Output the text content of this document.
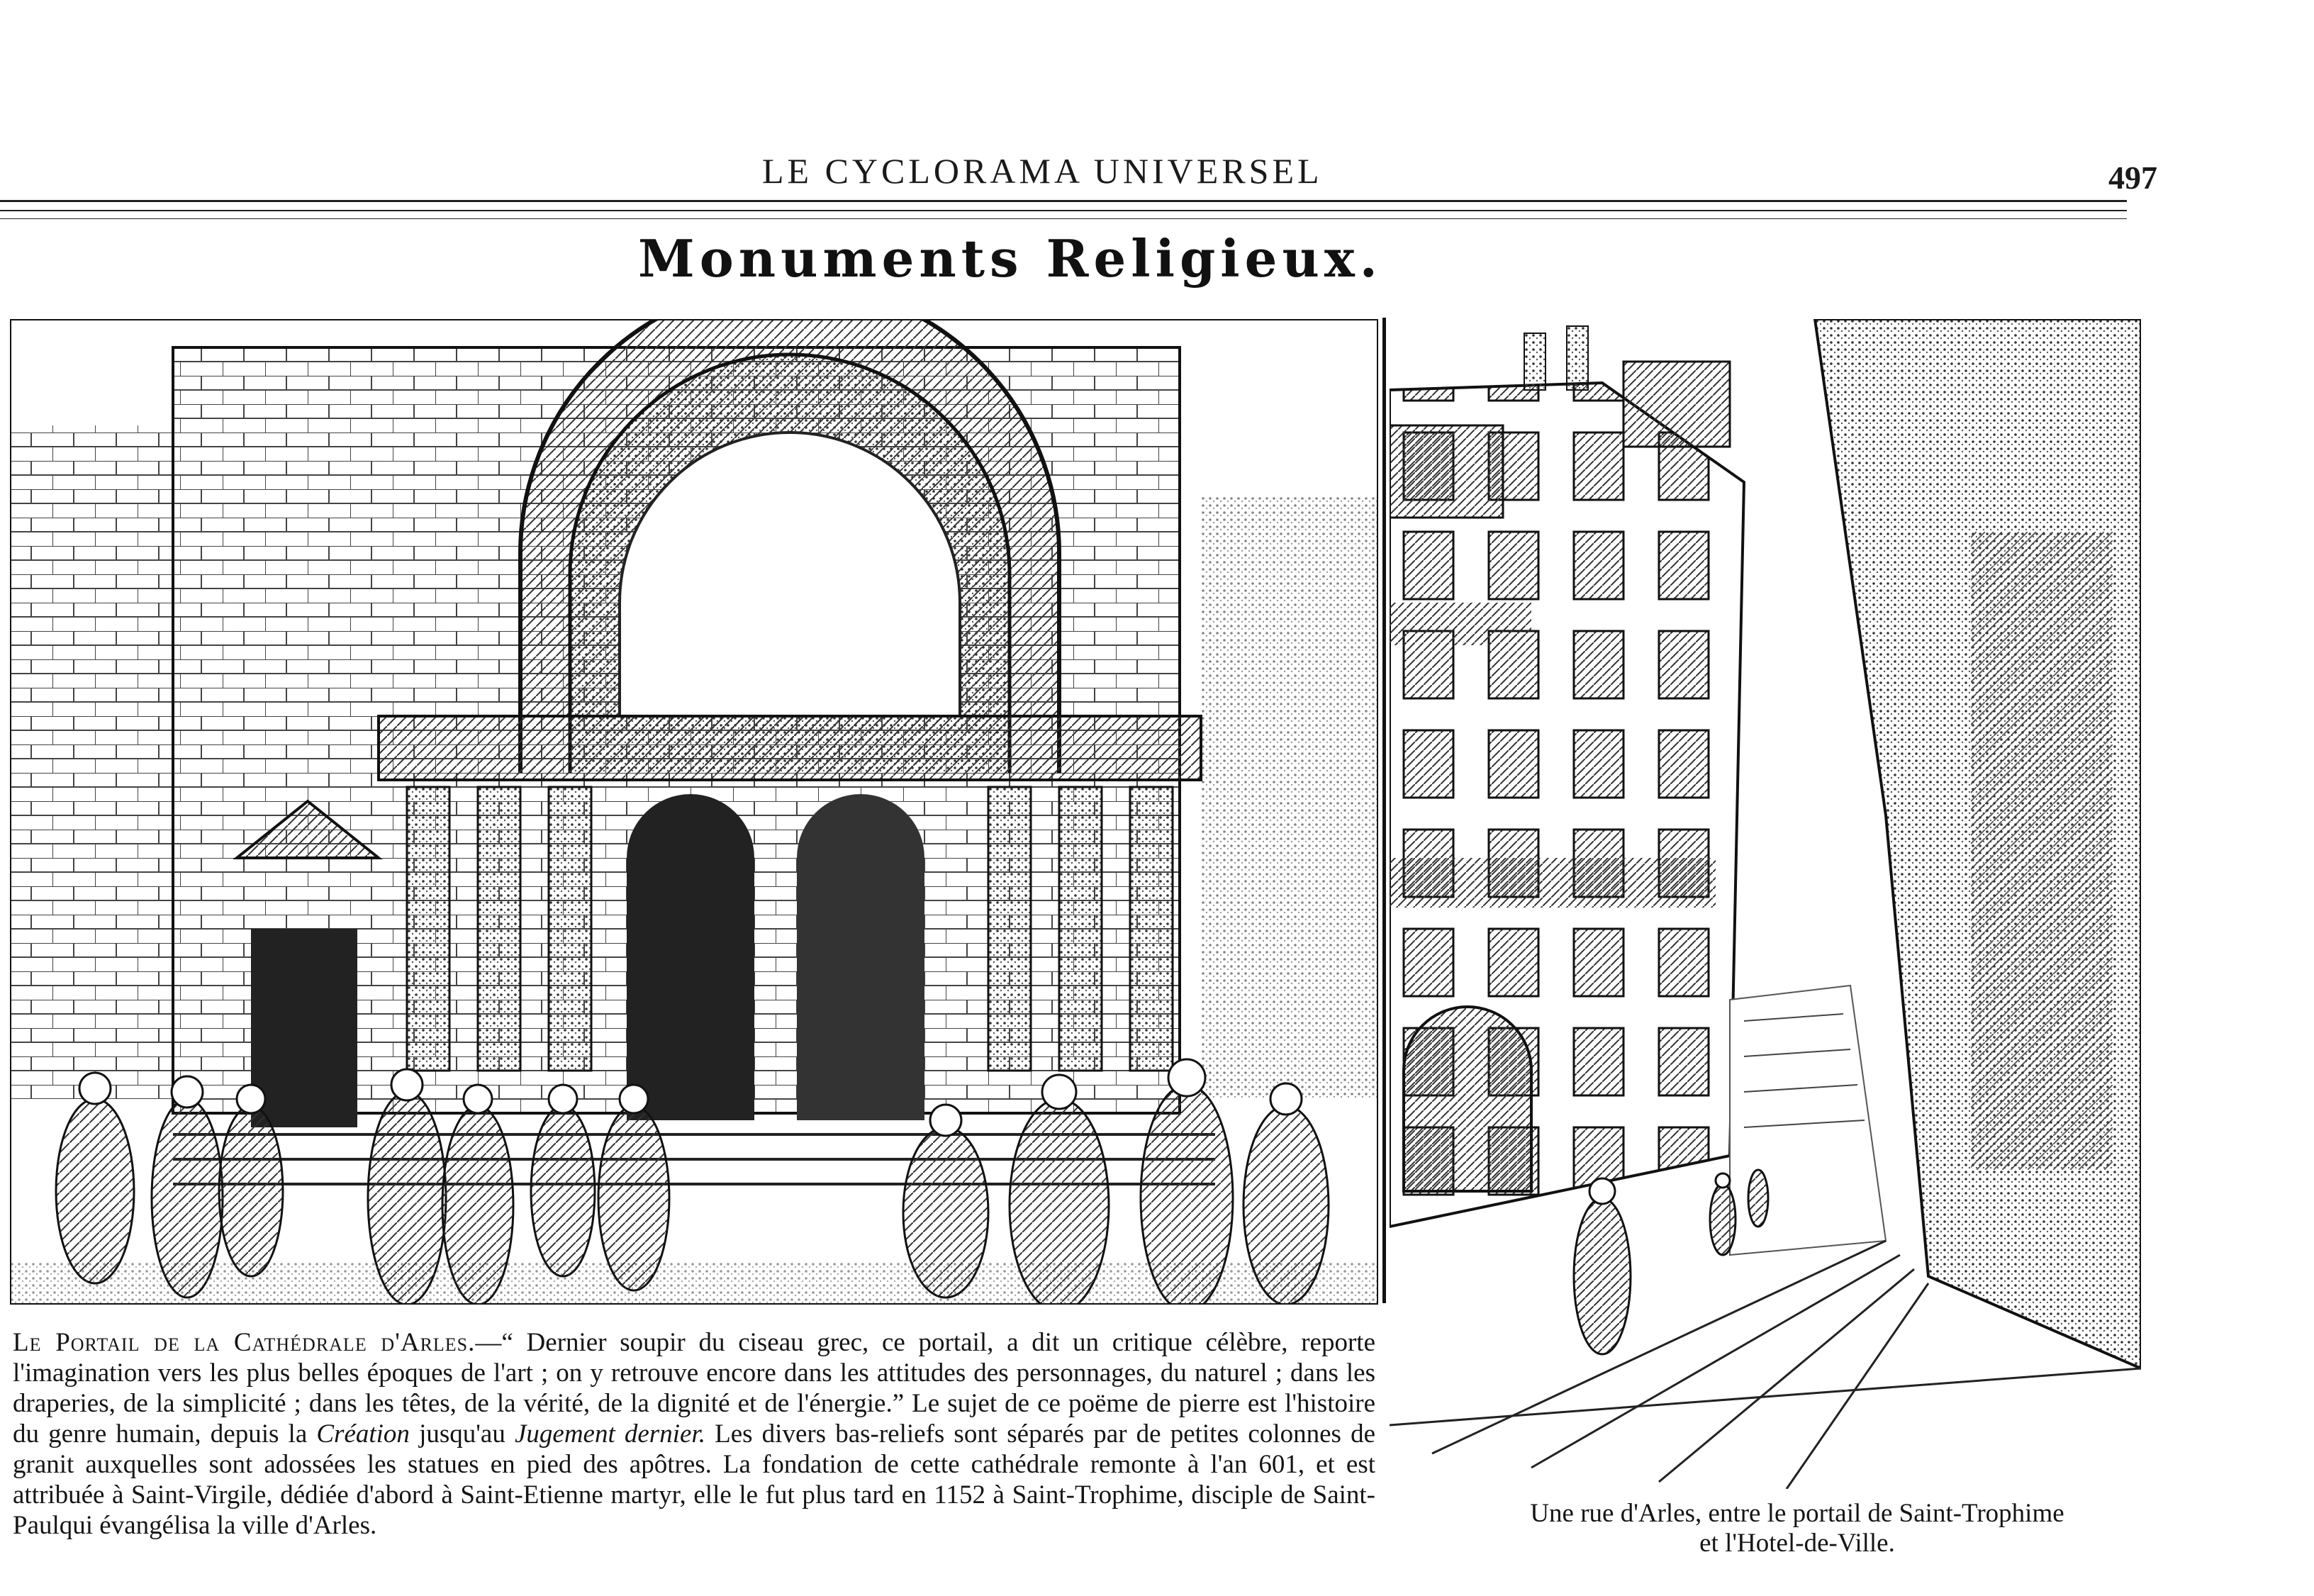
LE CYCLORAMA UNIVERSEL	497
Monuments Religieux.
Le Portail de la Cathédrale d'Arles.—“ Dernier soupir du ciseau grec, ce portail, a dit un critique célèbre, reporte l'imagination vers les plus belles époques de l'art ; on y retrouve encore dans les attitudes des personnages, du naturel ; dans les draperies, de la simplicité ; dans les têtes, de la vérité, de la dignité et de l'énergie.” Le sujet de ce poëme de pierre est l'histoire du genre humain, depuis la Création jusqu'au Jugement dernier. Les divers bas-reliefs sont séparés par de petites colonnes de granit auxquelles sont adossées les statues en pied des apôtres. La fondation de cette cathédrale remonte à l'an 601, et est attribuée à Saint-Virgile, dédiée d'abord à Saint-Etienne martyr, elle le fut plus tard en 1152 à Saint-Trophime, disciple de Saint-Paulqui évangélisa la ville d'Arles.	Une rue d'Arles, entre le portail de Saint-Trophime
et l'Hotel-de-Ville.
